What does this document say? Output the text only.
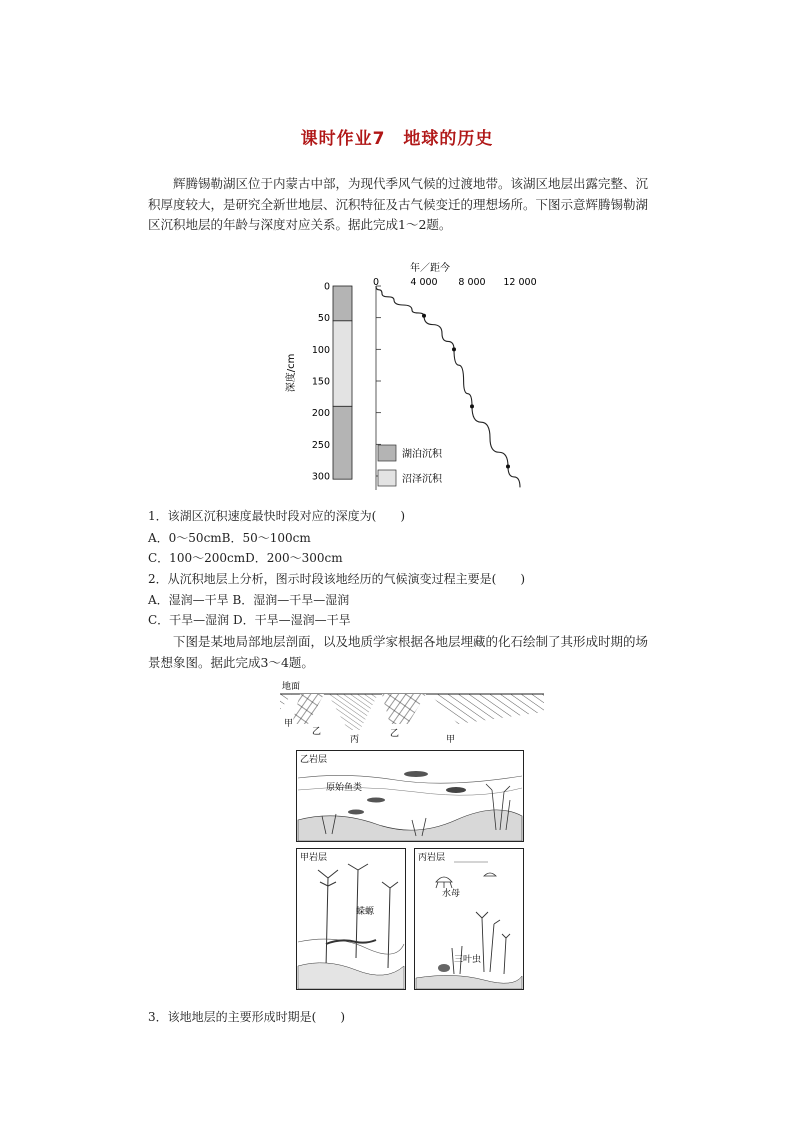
课时作业7　地球的历史
　　辉腾锡勒湖区位于内蒙古中部，为现代季风气候的过渡地带。该湖区地层出露完整、沉积厚度较大，是研究全新世地层、沉积特征及古气候变迁的理想场所。下图示意辉腾锡勒湖区沉积地层的年龄与深度对应关系。据此完成1～2题。
年／距今
0	4 000 8 000 12 000
0
50
100
150
200
250
300
深度/cm
湖泊沉积
沼泽沉积
1．该湖区沉积速度最快时段对应的深度为(　　)
A．0～50cmB．50～100cm
C．100～200cmD．200～300cm
2．从沉积地层上分析，图示时段该地经历的气候演变过程主要是(　　)
A．湿润—干旱 B．湿润—干旱—湿润
C．干旱—湿润 D．干旱—湿润—干旱
　　下图是某地局部地层剖面，以及地质学家根据各地层埋藏的化石绘制了其形成时期的场景想象图。据此完成3～4题。
地面
甲
乙
丙
乙
甲
乙岩层
原始鱼类
甲岩层
蝾螈
丙岩层
水母
三叶虫
3．该地地层的主要形成时期是(　　)
